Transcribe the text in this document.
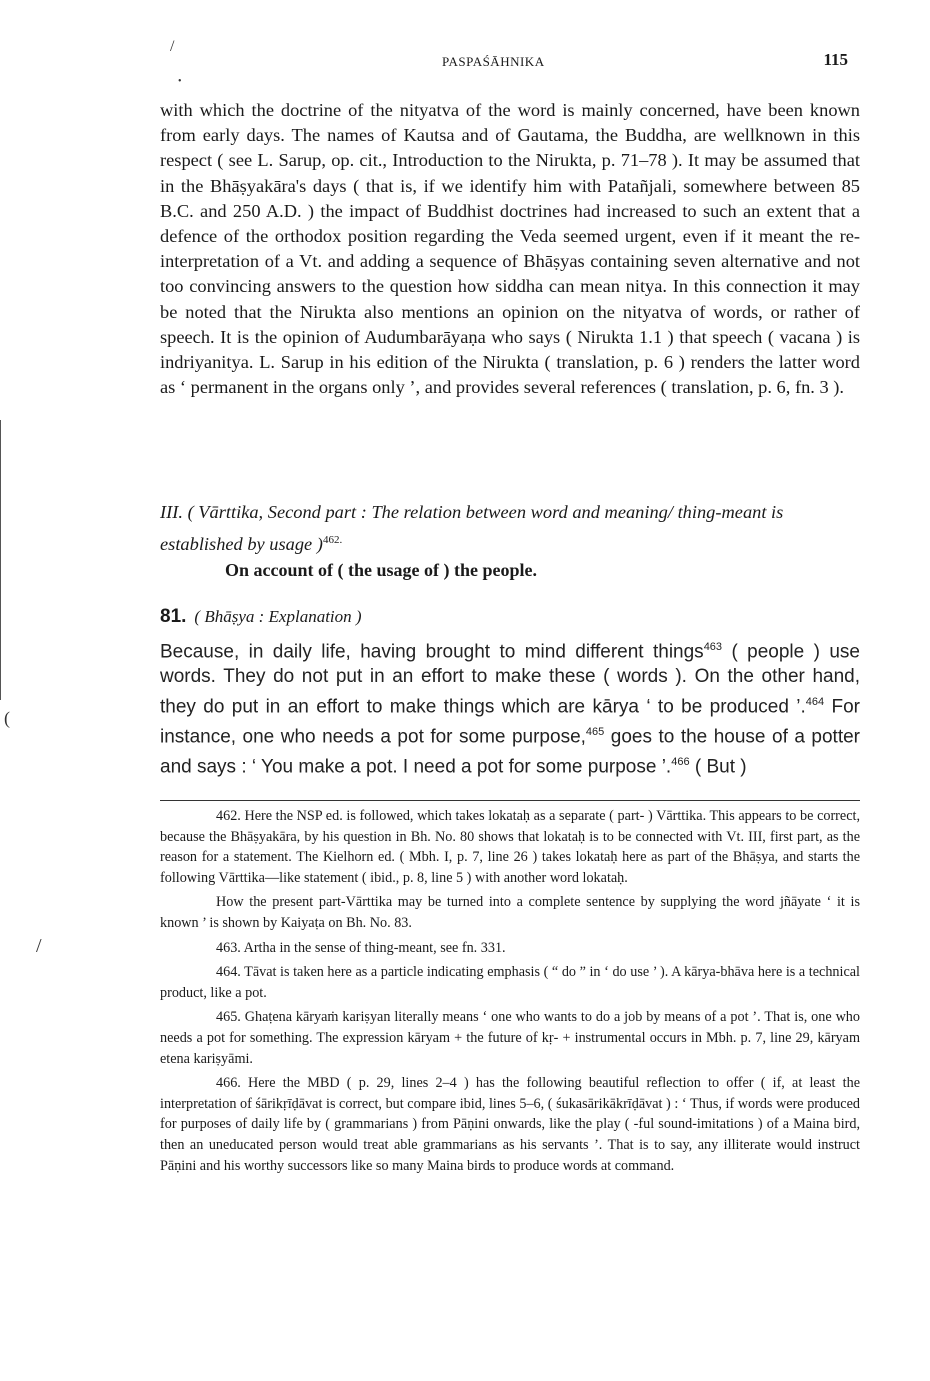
/
•
/
(
PASPAŚĀHNIKA	115

with which the doctrine of the nityatva of the word is mainly concerned, have been known from early days. The names of Kautsa and of Gautama, the Buddha, are wellknown in this respect ( see L. Sarup, op. cit., Introduction to the Nirukta, p. 71–78 ). It may be assumed that in the Bhāṣyakāra's days ( that is, if we identify him with Patañjali, somewhere between 85 B.C. and 250 A.D. ) the impact of Buddhist doctrines had increased to such an extent that a defence of the orthodox position regarding the Veda seemed urgent, even if it meant the re-interpretation of a Vt. and adding a sequence of Bhāṣyas containing seven alternative and not too convincing answers to the question how siddha can mean nitya. In this connection it may be noted that the Nirukta also mentions an opinion on the nityatva of words, or rather of speech. It is the opinion of Audumbarāyaṇa who says ( Nirukta 1.1 ) that speech ( vacana ) is indriyanitya. L. Sarup in his edition of the Nirukta ( translation, p. 6 ) renders the latter word as ‘ permanent in the organs only ’, and provides several references ( translation, p. 6, fn. 3 ).

III. ( Vārttika, Second part : The relation between word and meaning/ thing-meant is established by usage )$^{462.}$
On account of ( the usage of ) the people.
81. ( Bhāṣya : Explanation )

Because, in daily life, having brought to mind different things$^{463}$ ( people ) use words. They do not put in an effort to make these ( words ). On the other hand, they do put in an effort to make things which are kārya ‘ to be produced ’.$^{464}$ For instance, one who needs a pot for some purpose,$^{465}$ goes to the house of a potter and says : ‘ You make a pot. I need a pot for some purpose ’.$^{466}$ ( But )

462. Here the NSP ed. is followed, which takes lokataḥ as a separate ( part- ) Vārttika. This appears to be correct, because the Bhāṣyakāra, by his question in Bh. No. 80 shows that lokataḥ is to be connected with Vt. III, first part, as the reason for a statement. The Kielhorn ed. ( Mbh. I, p. 7, line 26 ) takes lokataḥ here as part of the Bhāṣya, and starts the following Vārttika—like statement ( ibid., p. 8, line 5 ) with another word lokataḥ.

How the present part-Vārttika may be turned into a complete sentence by supplying the word jñāyate ‘ it is known ’ is shown by Kaiyaṭa on Bh. No. 83.

463. Artha in the sense of thing-meant, see fn. 331.

464. Tāvat is taken here as a particle indicating emphasis ( “ do ” in ‘ do use ’ ). A kārya-bhāva here is a technical product, like a pot.

465. Ghaṭena kāryaṁ kariṣyan literally means ‘ one who wants to do a job by means of a pot ’. That is, one who needs a pot for something. The expression kāryam + the future of kṛ- + instrumental occurs in Mbh. p. 7, line 29, kāryam etena kariṣyāmi.

466. Here the MBD ( p. 29, lines 2–4 ) has the following beautiful reflection to offer ( if, at least the interpretation of śārikṛīḍāvat is correct, but compare ibid, lines 5–6, ( śukasārikākrīḍāvat ) : ‘ Thus, if words were produced for purposes of daily life by ( grammarians ) from Pāṇini onwards, like the play ( -ful sound-imitations ) of a Maina bird, then an uneducated person would treat able grammarians as his servants ’. That is to say, any illiterate would instruct Pāṇini and his worthy successors like so many Maina birds to produce words at command.
